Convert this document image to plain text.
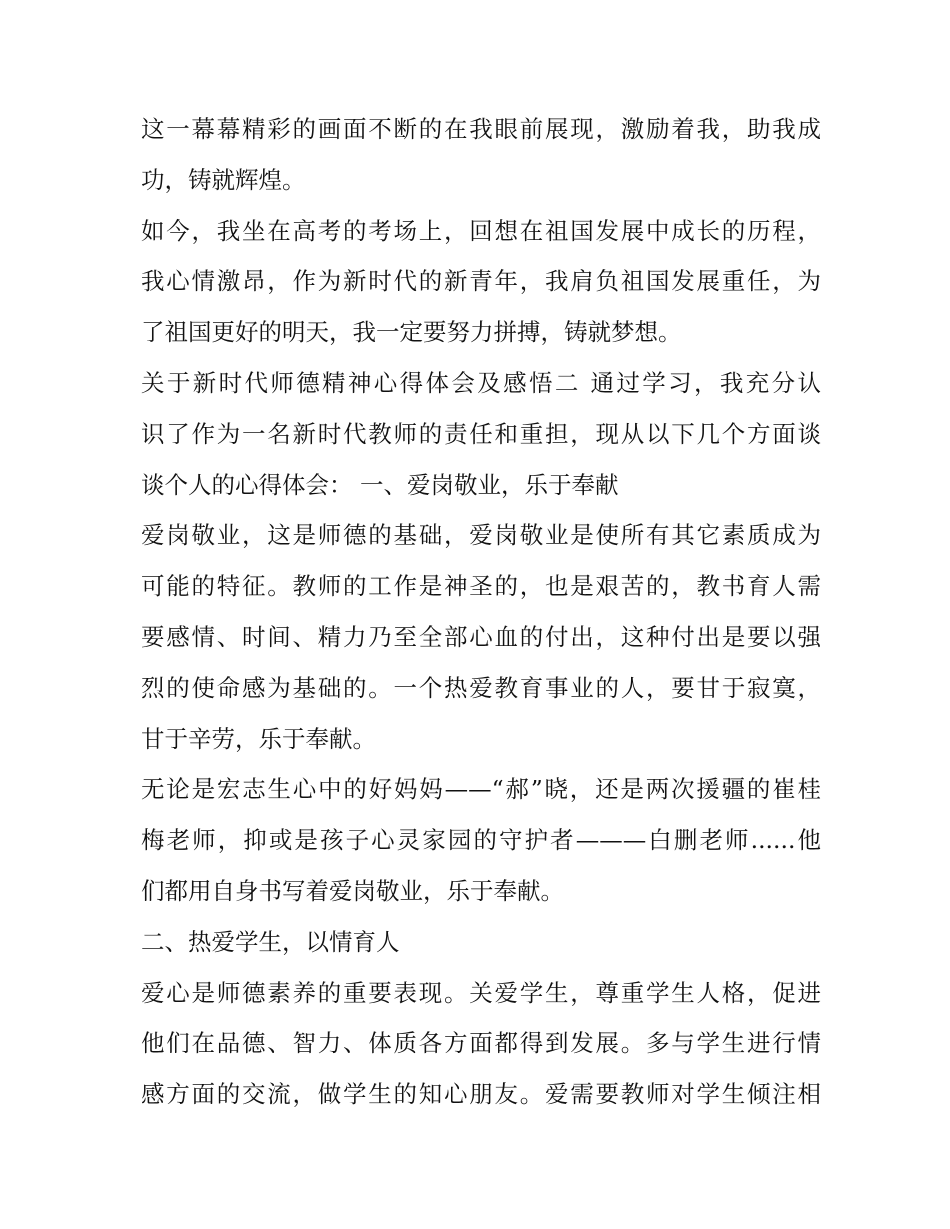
这一幕幕精彩的画面不断的在我眼前展现，激励着我，助我成
功，铸就辉煌。
如今，我坐在高考的考场上，回想在祖国发展中成长的历程，
我心情激昂，作为新时代的新青年，我肩负祖国发展重任，为
了祖国更好的明天，我一定要努力拼搏，铸就梦想。
关于新时代师德精神心得体会及感悟二 通过学习，我充分认
识了作为一名新时代教师的责任和重担，现从以下几个方面谈
谈个人的心得体会： 一、爱岗敬业，乐于奉献
爱岗敬业，这是师德的基础，爱岗敬业是使所有其它素质成为
可能的特征。教师的工作是神圣的，也是艰苦的，教书育人需
要感情、时间、精力乃至全部心血的付出，这种付出是要以强
烈的使命感为基础的。一个热爱教育事业的人，要甘于寂寞，
甘于辛劳，乐于奉献。
无论是宏志生心中的好妈妈——“郝”晓，还是两次援疆的崔桂
梅老师，抑或是孩子心灵家园的守护者———白删老师......他
们都用自身书写着爱岗敬业，乐于奉献。
二、热爱学生，以情育人
爱心是师德素养的重要表现。关爱学生，尊重学生人格，促进
他们在品德、智力、体质各方面都得到发展。多与学生进行情
感方面的交流，做学生的知心朋友。爱需要教师对学生倾注相
